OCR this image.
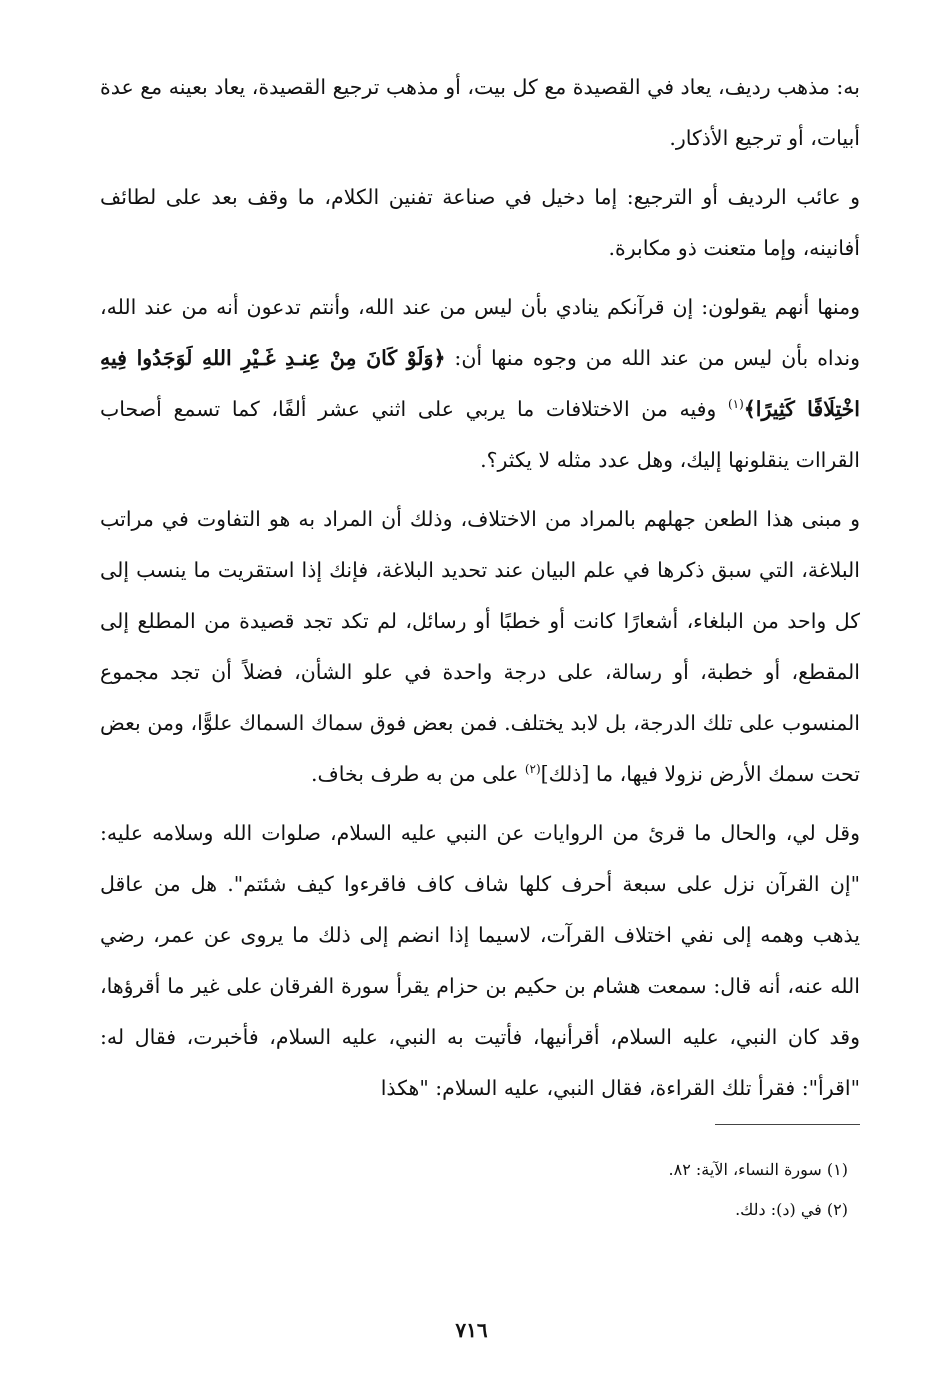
به: مذهب رديف، يعاد في القصيدة مع كل بيت، أو مذهب ترجيع القصيدة، يعاد بعينه مع عدة أبيات، أو ترجيع الأذكار.

و عائب الرديف أو الترجيع: إما دخيل في صناعة تفنين الكلام، ما وقف بعد على لطائف أفانينه، وإما متعنت ذو مكابرة.

ومنها أنهم يقولون: إن قرآنكم ينادي بأن ليس من عند الله، وأنتم تدعون أنه من عند الله، ونداه بأن ليس من عند الله من وجوه منها أن: ﴿وَلَوْ كَانَ مِنْ عِنـدِ غَـيْرِ اللهِ لَوَجَدُوا فِيهِ اخْتِلَافًا كَثِيرًا﴾$^{(١)}$ وفيه من الاختلافات ما يربي على اثني عشر ألفًا، كما تسمع أصحاب القراات ينقلونها إليك، وهل عدد مثله لا يكثر؟.

و مبنى هذا الطعن جهلهم بالمراد من الاختلاف، وذلك أن المراد به هو التفاوت في مراتب البلاغة، التي سبق ذكرها في علم البيان عند تحديد البلاغة، فإنك إذا استقريت ما ينسب إلى كل واحد من البلغاء، أشعارًا كانت أو خطبًا أو رسائل، لم تكد تجد قصيدة من المطلع إلى المقطع، أو خطبة، أو رسالة، على درجة واحدة في علو الشأن، فضلاً أن تجد مجموع المنسوب على تلك الدرجة، بل لابد يختلف. فمن بعض فوق سماك السماك علوًّا، ومن بعض تحت سمك الأرض نزولا فيها، ما [ذلك]$^{(٢)}$ على من به طرف بخاف.

وقل لي، والحال ما قرئ من الروايات عن النبي عليه السلام، صلوات الله وسلامه عليه: "إن القرآن نزل على سبعة أحرف كلها شاف كاف فاقرءوا كيف شئتم". هل من عاقل يذهب وهمه إلى نفي اختلاف القرآت، لاسيما إذا انضم إلى ذلك ما يروى عن عمر، رضي الله عنه، أنه قال: سمعت هشام بن حكيم بن حزام يقرأ سورة الفرقان على غير ما أقرؤها، وقد كان النبي، عليه السلام، أقرأنيها، فأتيت به النبي، عليه السلام، فأخبرت، فقال له: "اقرأ": فقرأ تلك القراءة، فقال النبي، عليه السلام: "هكذا

(١) سورة النساء، الآية: ٨٢.

(٢) في (د): دلك.

٧١٦
